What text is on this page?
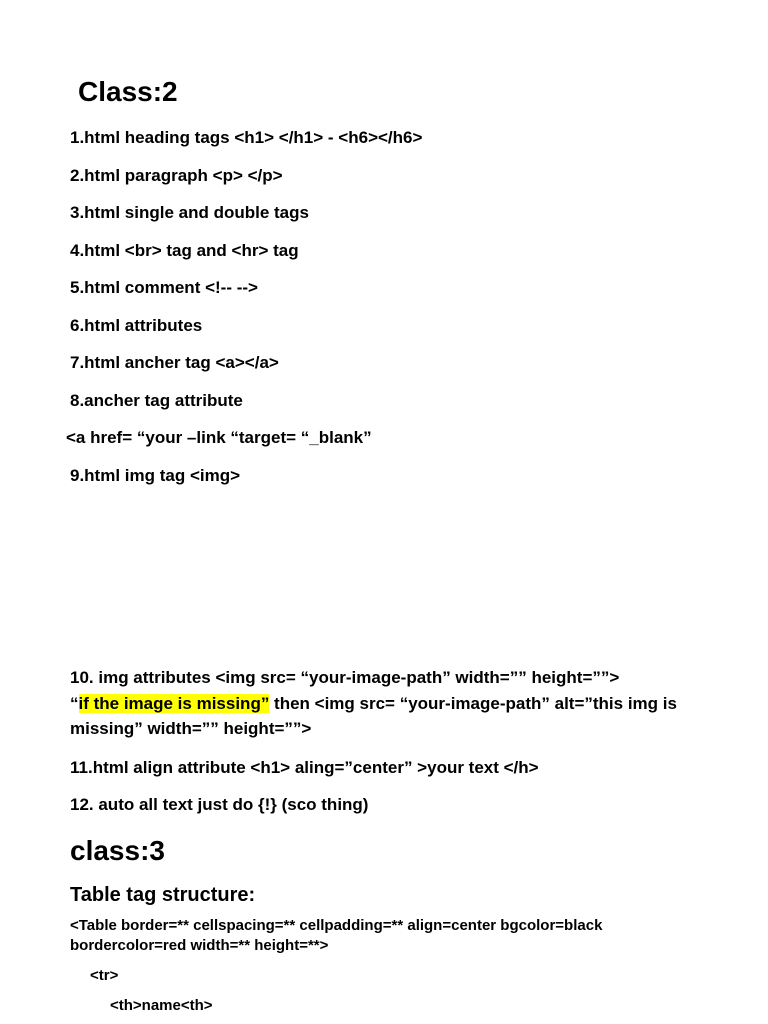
Class:2
1.html heading tags <h1> </h1> - <h6></h6>
2.html paragraph <p> </p>
3.html single and double tags
4.html <br> tag and <hr> tag
5.html comment <!-- -->
6.html attributes
7.html ancher tag <a></a>
8.ancher tag attribute
<a href= “your –link “target= “_blank”
9.html img tag <img>

10. img attributes <img src= “your-image-path” width=”” height=””>
“if the image is missing” then <img src= “your-image-path” alt=”this img is missing” width=”” height=””>

11.html align attribute <h1> aling=”center” >your text </h>

12. auto all text just do {!} (sco thing)

class:3
Table tag structure:

<Table border=** cellspacing=** cellpadding=** align=center bgcolor=black bordercolor=red width=** height=**>

<tr>

<th>name<th>
